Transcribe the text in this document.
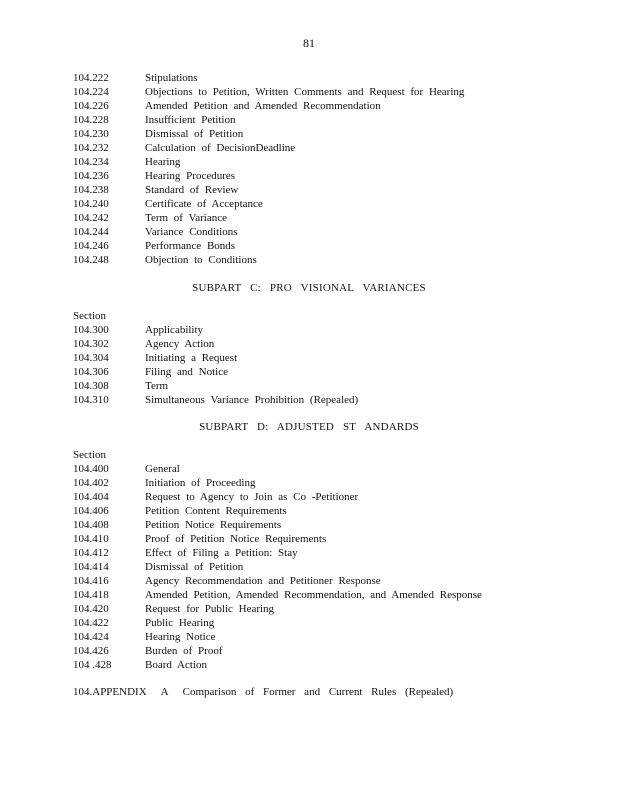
81
104.222	Stipulations
104.224	Objections to Petition, Written Comments and Request for Hearing
104.226	Amended Petition and Amended Recommendation
104.228	Insufficient Petition
104.230	Dismissal of Petition
104.232	Calculation of DecisionDeadline
104.234	Hearing
104.236	Hearing Procedures
104.238	Standard of Review
104.240	Certificate of Acceptance
104.242	Term of Variance
104.244	Variance Conditions
104.246	Performance Bonds
104.248	Objection to Conditions
SUBPART C: PRO VISIONAL VARIANCES
Section
104.300	Applicability
104.302	Agency Action
104.304	Initiating a Request
104.306	Filing and Notice
104.308	Term
104.310	Simultaneous Variance Prohibition (Repealed)
SUBPART D: ADJUSTED ST ANDARDS
Section
104.400	General
104.402	Initiation of Proceeding
104.404	Request to Agency to Join as Co -Petitioner
104.406	Petition Content Requirements
104.408	Petition Notice Requirements
104.410	Proof of Petition Notice Requirements
104.412	Effect of Filing a Petition: Stay
104.414	Dismissal of Petition
104.416	Agency Recommendation and Petitioner Response
104.418	Amended Petition, Amended Recommendation, and Amended Response
104.420	Request for Public Hearing
104.422	Public Hearing
104.424	Hearing Notice
104.426	Burden of Proof
104 .428	Board Action
104.APPENDIX A Comparison of Former and Current Rules (Repealed)
